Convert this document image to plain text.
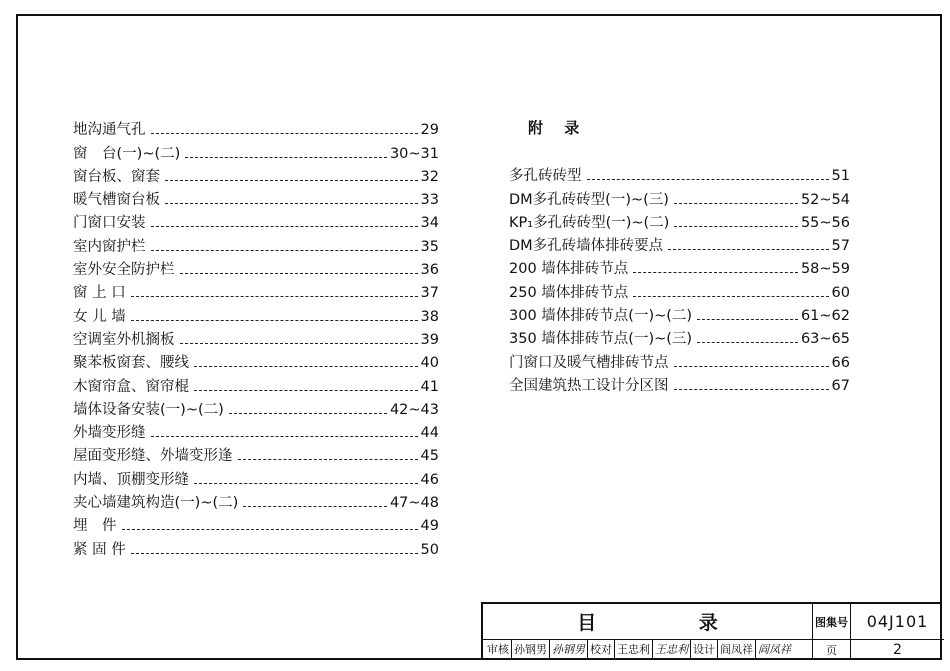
地沟通气孔	29
窗　台(一)~(二)	30~31
窗台板、窗套	32
暖气槽窗台板	33
门窗口安装	34
室内窗护栏	35
室外安全防护栏	36
窗 上 口	37
女 儿 墙	38
空调室外机搁板	39
聚苯板窗套、腰线	40
木窗帘盒、窗帘棍	41
墙体设备安装(一)~(二)	42~43
外墙变形缝	44
屋面变形缝、外墙变形逢	45
内墙、顶棚变形缝	46
夹心墙建筑构造(一)~(二)	47~48
埋　件	49
紧 固 件	50
附 录
多孔砖砖型	51
DM多孔砖砖型(一)~(三)	52~54
KP₁多孔砖砖型(一)~(二)	55~56
DM多孔砖墙体排砖要点	57
200 墙体排砖节点	58~59
250 墙体排砖节点	60
300 墙体排砖节点(一)~(二)	61~62
350 墙体排砖节点(一)~(三)	63~65
门窗口及暖气槽排砖节点	66
全国建筑热工设计分区图	67
目 录	图集号	04J101
审核 孙钢男 孙钢男 校对 王忠利 王忠利 设计 阎凤祥 阎凤祥	页	2
